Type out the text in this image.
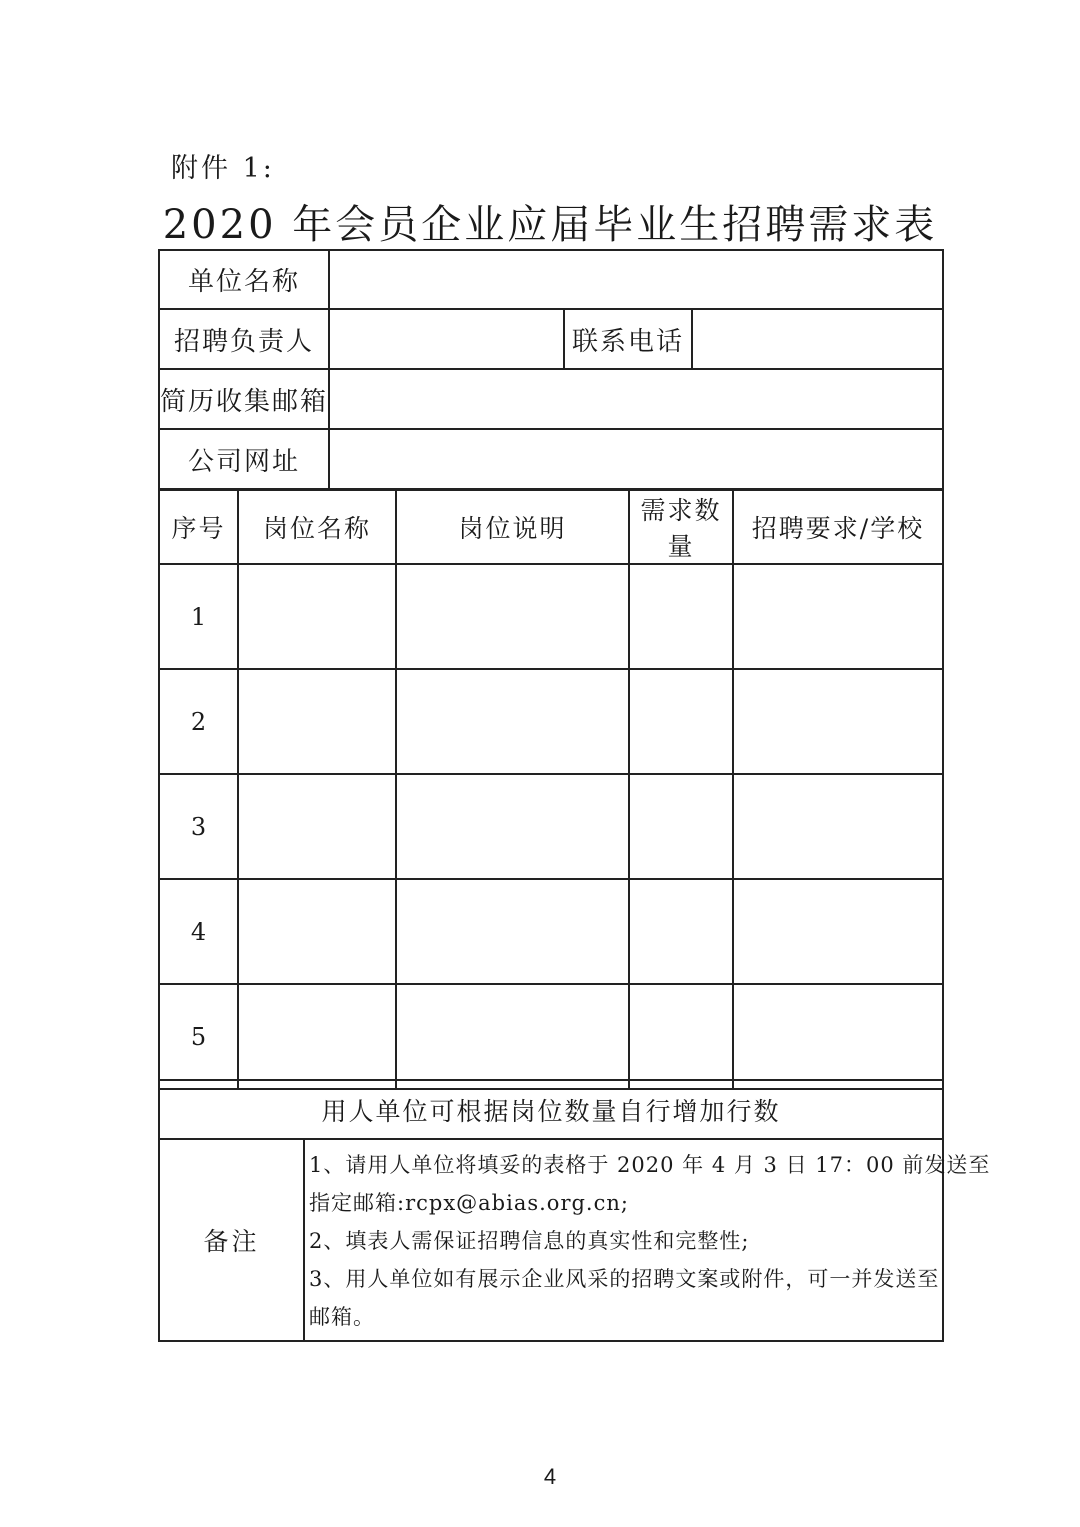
附件 1:
2020 年会员企业应届毕业生招聘需求表
单位名称			
招聘负责人		联系电话	
简历收集邮箱			
公司网址			
序号	岗位名称	岗位说明	需求数量	招聘要求/学校
1				
2				
3				
4				
5				
用人单位可根据岗位数量自行增加行数
备注	
1、请用人单位将填妥的表格于 2020 年 4 月 3 日 17：00 前发送至
指定邮箱:rcpx@abias.org.cn;
2、填表人需保证招聘信息的真实性和完整性;
3、用人单位如有展示企业风采的招聘文案或附件，可一并发送至
邮箱。
4
